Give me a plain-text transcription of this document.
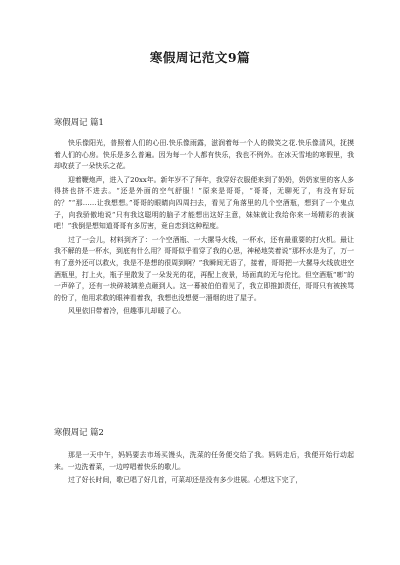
寒假周记范文9篇
寒假周记 篇1

快乐像阳光，普照着人们的心田.快乐像雨露，滋润着每一个人的微笑之花.快乐像清风，抚摸着人们的心房。快乐是多么普遍。因为每一个人都有快乐，我也不例外。在冰天雪地的寒假里，我却收获了一朵快乐之花。

迎着鞭炮声，进入了20xx年。新年岁不了拜年，我穿好衣服便来到了奶奶，奶奶家里的客人多得挤也挤不进去。“还是外面的空气舒服！”原来是哥哥，“哥哥，无聊死了，有没有好玩的？”“那……让我想想。”哥哥的眼睛向四周扫去，看见了角落里的几个空酒瓶，想到了一个鬼点子，向我骄傲地说“只有我这聪明的脑子才能想出这好主意，妹妹就让我给你来一场精彩的表演吧！”我倒是想知道哥哥有多厉害，竟自恋到这种程度。

过了一会儿，材料到齐了：一个空酒瓶、一大摞导火线，一杯水，还有最重要的打火机。最让我不解的是一杯水，到底有什么用？哥哥似乎看穿了我的心思，神秘地笑着说“那杯水是为了，万一有了意外还可以救火，我是不是想的很周到啊？”我瞬间无语了，接着，哥哥把一大摞导火线放进空酒瓶里，打上火，瓶子里散发了一朵发光的花，再配上夜景，场面真的无与伦比。但空酒瓶“嘭”的一声碎了，还有一块碎玻璃差点砸到人。这一幕被伯伯看见了，我立即推卸责任，哥哥只有被挨骂的份了，他用求救的眼神看着我，我想也没想便一溜烟的进了屋子。

风里依旧带着冷，但趣事儿却暖了心。

寒假周记 篇2

那是一天中午，妈妈要去市场买馒头，洗菜的任务便交给了我。妈妈走后，我便开始行动起来。一边洗着菜，一边哼唱着快乐的歌儿。

过了好长时间，歌已唱了好几首，可菜却还是没有多少进展。心想这下完了，
